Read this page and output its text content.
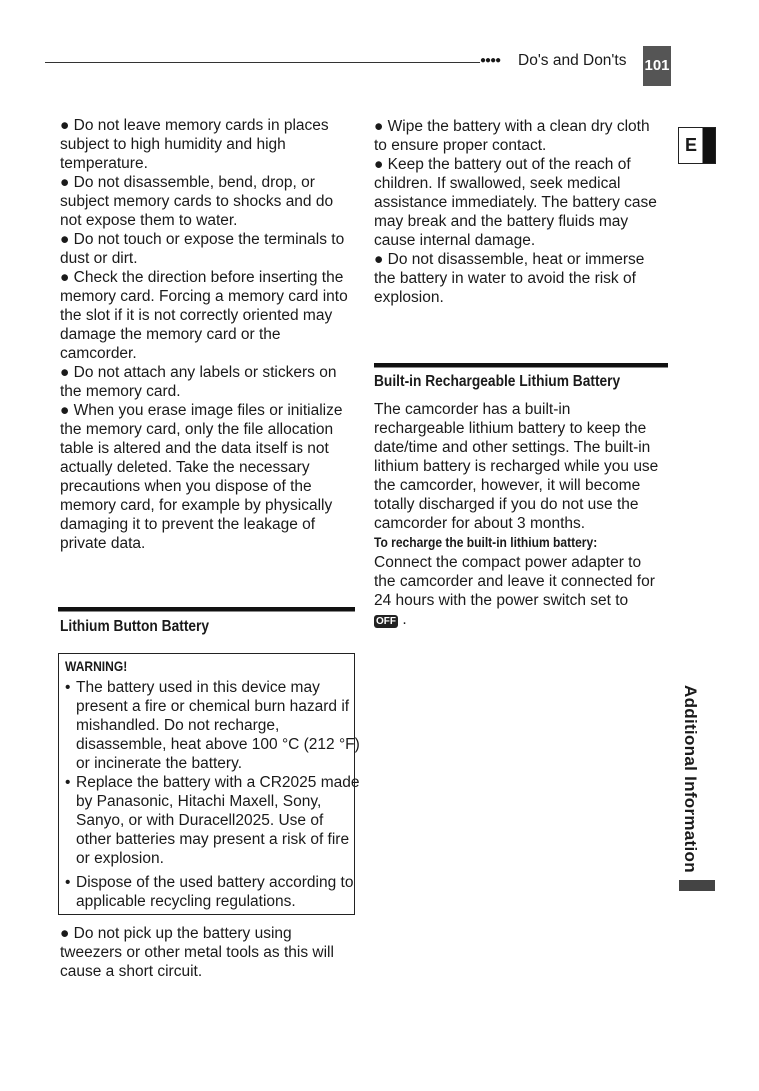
●●●● Do's and Don'ts 101
E
● Do not leave memory cards in places
subject to high humidity and high
temperature.
● Do not disassemble, bend, drop, or
subject memory cards to shocks and do
not expose them to water.
● Do not touch or expose the terminals to
dust or dirt.
● Check the direction before inserting the
memory card. Forcing a memory card into
the slot if it is not correctly oriented may
damage the memory card or the
camcorder.
● Do not attach any labels or stickers on
the memory card.
● When you erase image files or initialize
the memory card, only the file allocation
table is altered and the data itself is not
actually deleted. Take the necessary
precautions when you dispose of the
memory card, for example by physically
damaging it to prevent the leakage of
private data.
Lithium Button Battery
WARNING!
• The battery used in this device may
present a fire or chemical burn hazard if
mishandled. Do not recharge,
disassemble, heat above 100 °C (212 °F)
or incinerate the battery.
• Replace the battery with a CR2025 made
by Panasonic, Hitachi Maxell, Sony,
Sanyo, or with Duracell2025. Use of
other batteries may present a risk of fire
or explosion.
• Dispose of the used battery according to
applicable recycling regulations.
● Do not pick up the battery using
tweezers or other metal tools as this will
cause a short circuit.
● Wipe the battery with a clean dry cloth
to ensure proper contact.
● Keep the battery out of the reach of
children. If swallowed, seek medical
assistance immediately. The battery case
may break and the battery fluids may
cause internal damage.
● Do not disassemble, heat or immerse
the battery in water to avoid the risk of
explosion.
Built-in Rechargeable Lithium Battery
The camcorder has a built-in
rechargeable lithium battery to keep the
date/time and other settings. The built-in
lithium battery is recharged while you use
the camcorder, however, it will become
totally discharged if you do not use the
camcorder for about 3 months.
To recharge the built-in lithium battery:
Connect the compact power adapter to
the camcorder and leave it connected for
24 hours with the power switch set to
OFF .
Additional Information
